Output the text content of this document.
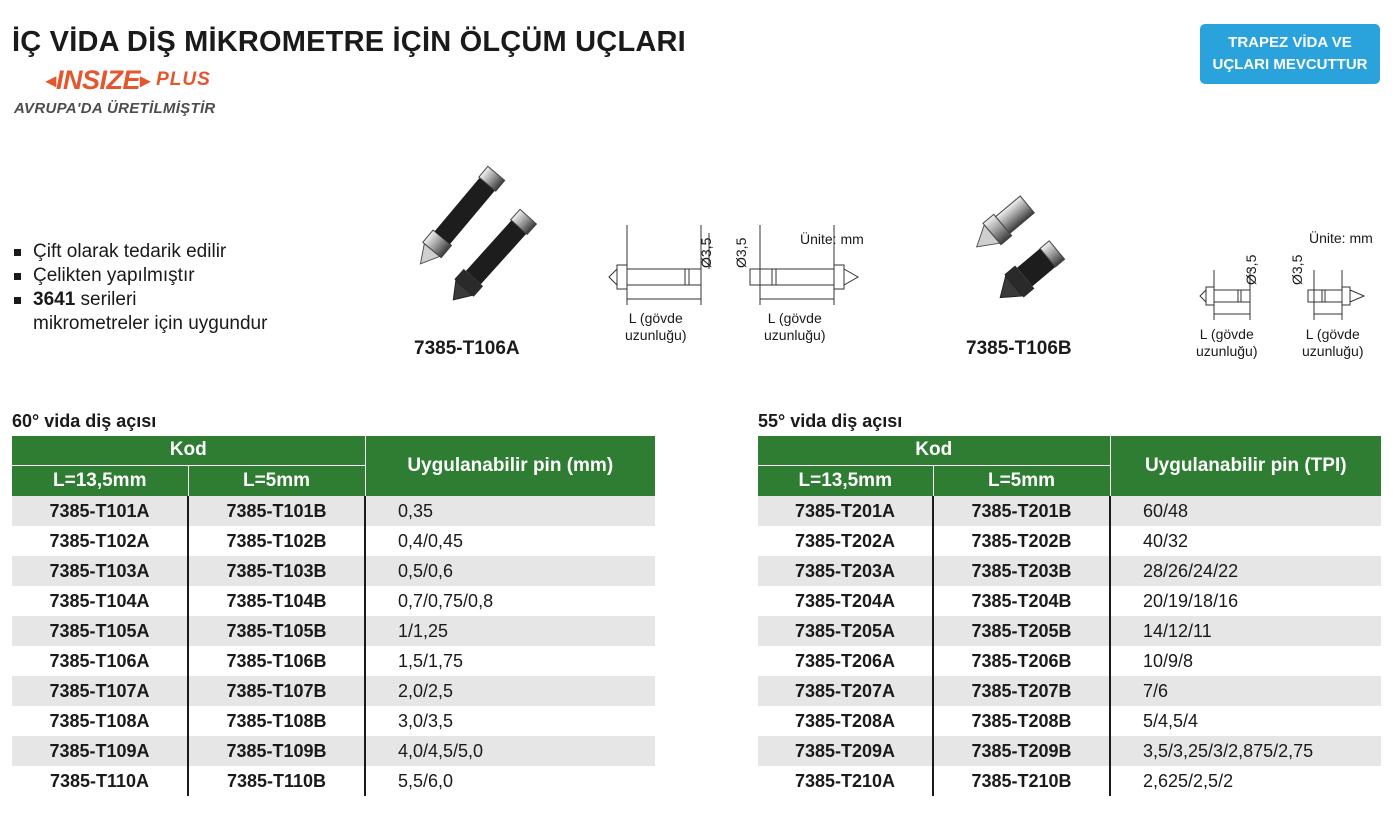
İÇ VİDA DİŞ MİKROMETRE İÇİN ÖLÇÜM UÇLARI
◂ INSIZE ▸ PLUS
AVRUPA'DA ÜRETİLMİŞTİR
TRAPEZ VİDA VE
UÇLARI MEVCUTTUR
Çift olarak tedarik edilir
Çelikten yapılmıştır
3641 serileri
mikrometreler için uygundur
7385-T106A
Ø3,5 Ø3,5	Ünite: mm
L (gövde
uzunluğu)
L (gövde
uzunluğu)
7385-T106B
Ø3,5 Ø3,5
Ünite: mm
L (gövde
uzunluğu)
L (gövde
uzunluğu)
60° vida diş açısı
Kod		Uygulanabilir pin (mm)
L=13,5mm	L=5mm	
7385-T101A	7385-T101B	0,35
7385-T102A	7385-T102B	0,4/0,45
7385-T103A	7385-T103B	0,5/0,6
7385-T104A	7385-T104B	0,7/0,75/0,8
7385-T105A	7385-T105B	1/1,25
7385-T106A	7385-T106B	1,5/1,75
7385-T107A	7385-T107B	2,0/2,5
7385-T108A	7385-T108B	3,0/3,5
7385-T109A	7385-T109B	4,0/4,5/5,0
7385-T110A	7385-T110B	5,5/6,0
55° vida diş açısı
Kod		Uygulanabilir pin (TPI)
L=13,5mm	L=5mm	
7385-T201A	7385-T201B	60/48
7385-T202A	7385-T202B	40/32
7385-T203A	7385-T203B	28/26/24/22
7385-T204A	7385-T204B	20/19/18/16
7385-T205A	7385-T205B	14/12/11
7385-T206A	7385-T206B	10/9/8
7385-T207A	7385-T207B	7/6
7385-T208A	7385-T208B	5/4,5/4
7385-T209A	7385-T209B	3,5/3,25/3/2,875/2,75
7385-T210A	7385-T210B	2,625/2,5/2
